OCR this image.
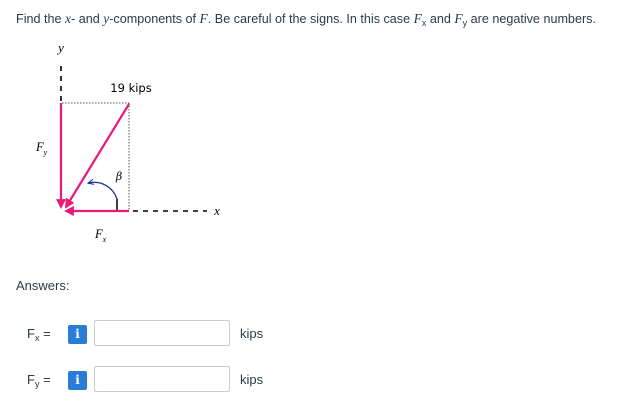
Find the x- and y-components of F. Be careful of the signs. In this case $F_x$ and $F_y$ are negative numbers.
y
19 kips
β
x
$F_y$
$F_x$
Answers:
$F_x$ =	i	kips
$F_y$ =	i	kips
